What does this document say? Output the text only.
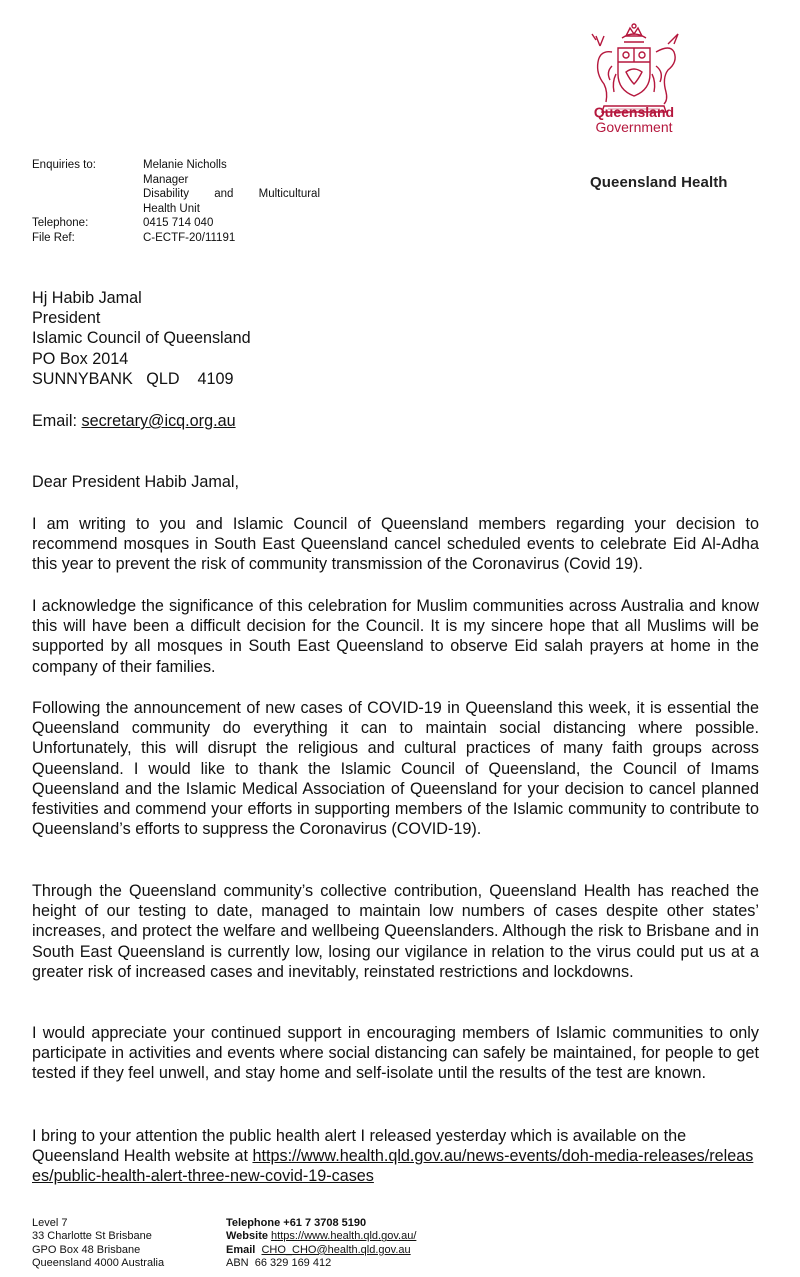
Queensland
Government
Queensland Health
Enquiries to:	Melanie Nicholls
Manager
Disability and Multicultural
Health Unit
Telephone:	0415 714 040
File Ref:	C-ECTF-20/11191
Hj Habib Jamal
President
Islamic Council of Queensland
PO Box 2014
SUNNYBANK QLD 4109
Email: secretary@icq.org.au
Dear President Habib Jamal,

I am writing to you and Islamic Council of Queensland members regarding your decision to recommend mosques in South East Queensland cancel scheduled events to celebrate Eid Al-Adha this year to prevent the risk of community transmission of the Coronavirus (Covid 19).

I acknowledge the significance of this celebration for Muslim communities across Australia and know this will have been a difficult decision for the Council. It is my sincere hope that all Muslims will be supported by all mosques in South East Queensland to observe Eid salah prayers at home in the company of their families.

Following the announcement of new cases of COVID-19 in Queensland this week, it is essential the Queensland community do everything it can to maintain social distancing where possible. Unfortunately, this will disrupt the religious and cultural practices of many faith groups across Queensland. I would like to thank the Islamic Council of Queensland, the Council of Imams Queensland and the Islamic Medical Association of Queensland for your decision to cancel planned festivities and commend your efforts in supporting members of the Islamic community to contribute to Queensland’s efforts to suppress the Coronavirus (COVID-19).

Through the Queensland community’s collective contribution, Queensland Health has reached the height of our testing to date, managed to maintain low numbers of cases despite other states’ increases, and protect the welfare and wellbeing Queenslanders. Although the risk to Brisbane and in South East Queensland is currently low, losing our vigilance in relation to the virus could put us at a greater risk of increased cases and inevitably, reinstated restrictions and lockdowns.

I would appreciate your continued support in encouraging members of Islamic communities to only participate in activities and events where social distancing can safely be maintained, for people to get tested if they feel unwell, and stay home and self-isolate until the results of the test are known.

I bring to your attention the public health alert I released yesterday which is available on the Queensland Health website at https://www.health.qld.gov.au/news-events/doh-media-releases/releases/public-health-alert-three-new-covid-19-cases

Level 7
33 Charlotte St Brisbane
GPO Box 48 Brisbane
Queensland 4000 Australia
Telephone +61 7 3708 5190
Website https://www.health.qld.gov.au/
Email CHO_CHO@health.qld.gov.au
ABN 66 329 169 412
